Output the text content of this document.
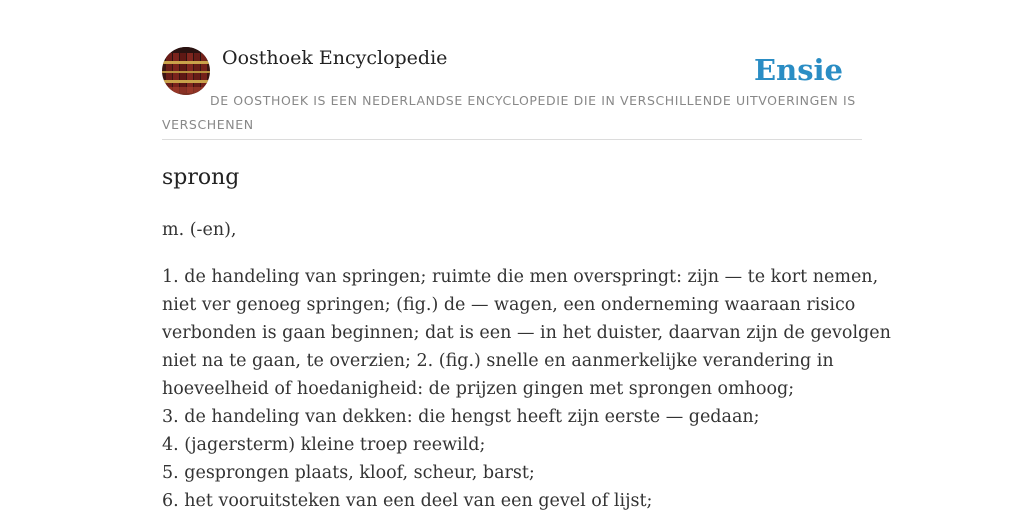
Oosthoek Encyclopedie	Ensie
DE OOSTHOEK IS EEN NEDERLANDSE ENCYCLOPEDIE DIE IN VERSCHILLENDE UITVOERINGEN IS VERSCHENEN
sprong
m. (-en),
1. de handeling van springen; ruimte die men overspringt: zijn — te kort nemen,
niet ver genoeg springen; (fig.) de — wagen, een onderneming waaraan risico
verbonden is gaan beginnen; dat is een — in het duister, daarvan zijn de gevolgen
niet na te gaan, te overzien; 2. (fig.) snelle en aanmerkelijke verandering in
hoeveelheid of hoedanigheid: de prijzen gingen met sprongen omhoog;
3. de handeling van dekken: die hengst heeft zijn eerste — gedaan;
4. (jagersterm) kleine troep reewild;
5. gesprongen plaats, kloof, scheur, barst;
6. het vooruitsteken van een deel van een gevel of lijst;
